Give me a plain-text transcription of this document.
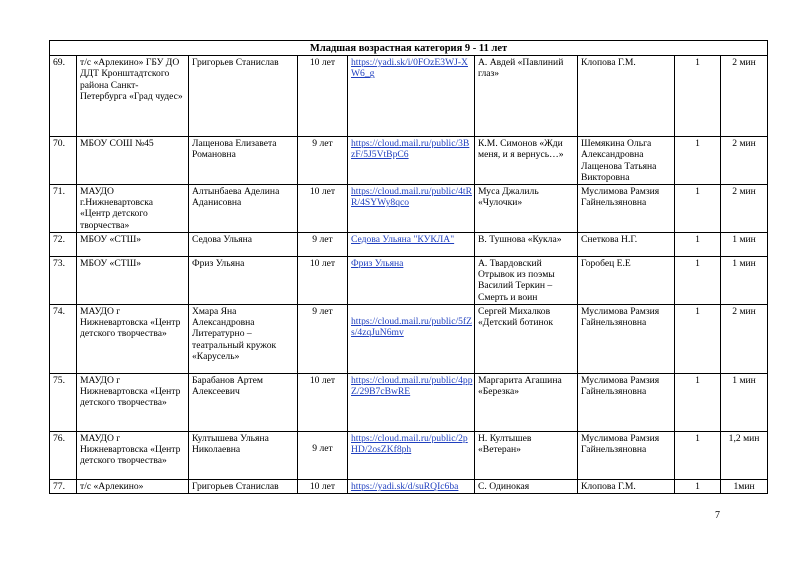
Младшая возрастная категория 9 - 11 лет								
69.	т/с «Арлекино» ГБУ ДО ДДТ Кронштадтского района Санкт-Петербурга «Град чудес»	Григорьев Станислав	10 лет	https://yadi.sk/i/0FOzE3WJ-XW6_g	А. Авдей «Павлиний глаз»	Клопова Г.М.	1	2 мин
70.	МБОУ СОШ №45	Лащенова Елизавета Романовна	9 лет	https://cloud.mail.ru/public/3BzF/5J5VtBpC6	К.М. Симонов «Жди меня, и я вернусь…»	Шемякина Ольга Александровна Лащенова Татьяна Викторовна	1	2 мин
71.	МАУДО г.Нижневартовска «Центр детского творчества»	Алтынбаева Аделина Аданисовна	10 лет	https://cloud.mail.ru/public/4tRR/4SYWy8qco	Муса Джалиль «Чулочки»	Муслимова Рамзия Гайнельзяновна	1	2 мин
72.	МБОУ «СТШ»	Седова Ульяна	9 лет	Седова Ульяна "КУКЛА"	В. Тушнова «Кукла»	Снеткова Н.Г.	1	1 мин
73.	МБОУ «СТШ»	Фриз Ульяна	10 лет	Фриз Ульяна	А. Твардовский Отрывок из поэмы Василий Теркин – Смерть и воин	Горобец Е.Е	1	1 мин
74.	МАУДО г Нижневартовска «Центр детского творчества»	Хмара Яна Александровна Литературно – театральный кружок «Карусель»	9 лет	https://cloud.mail.ru/public/5fZs/4zqJuN6mv	Сергей Михалков «Детский ботинок	Муслимова Рамзия Гайнельзяновна	1	2 мин
75.	МАУДО г Нижневартовска «Центр детского творчества»	Барабанов Артем Алексеевич	10 лет	https://cloud.mail.ru/public/4ppZ/29B7cBwRE	Маргарита Агашина «Березка»	Муслимова Рамзия Гайнельзяновна	1	1 мин
76.	МАУДО г Нижневартовска «Центр детского творчества»	Култышева Ульяна Николаевна	9 лет	https://cloud.mail.ru/public/2pHD/2osZKf8ph	Н. Култышев «Ветеран»	Муслимова Рамзия Гайнельзяновна	1	1,2 мин
77.	т/с «Арлекино»	Григорьев Станислав	10 лет	https://yadi.sk/d/suRQIc6ba	С. Одинокая	Клопова Г.М.	1	1мин
7
